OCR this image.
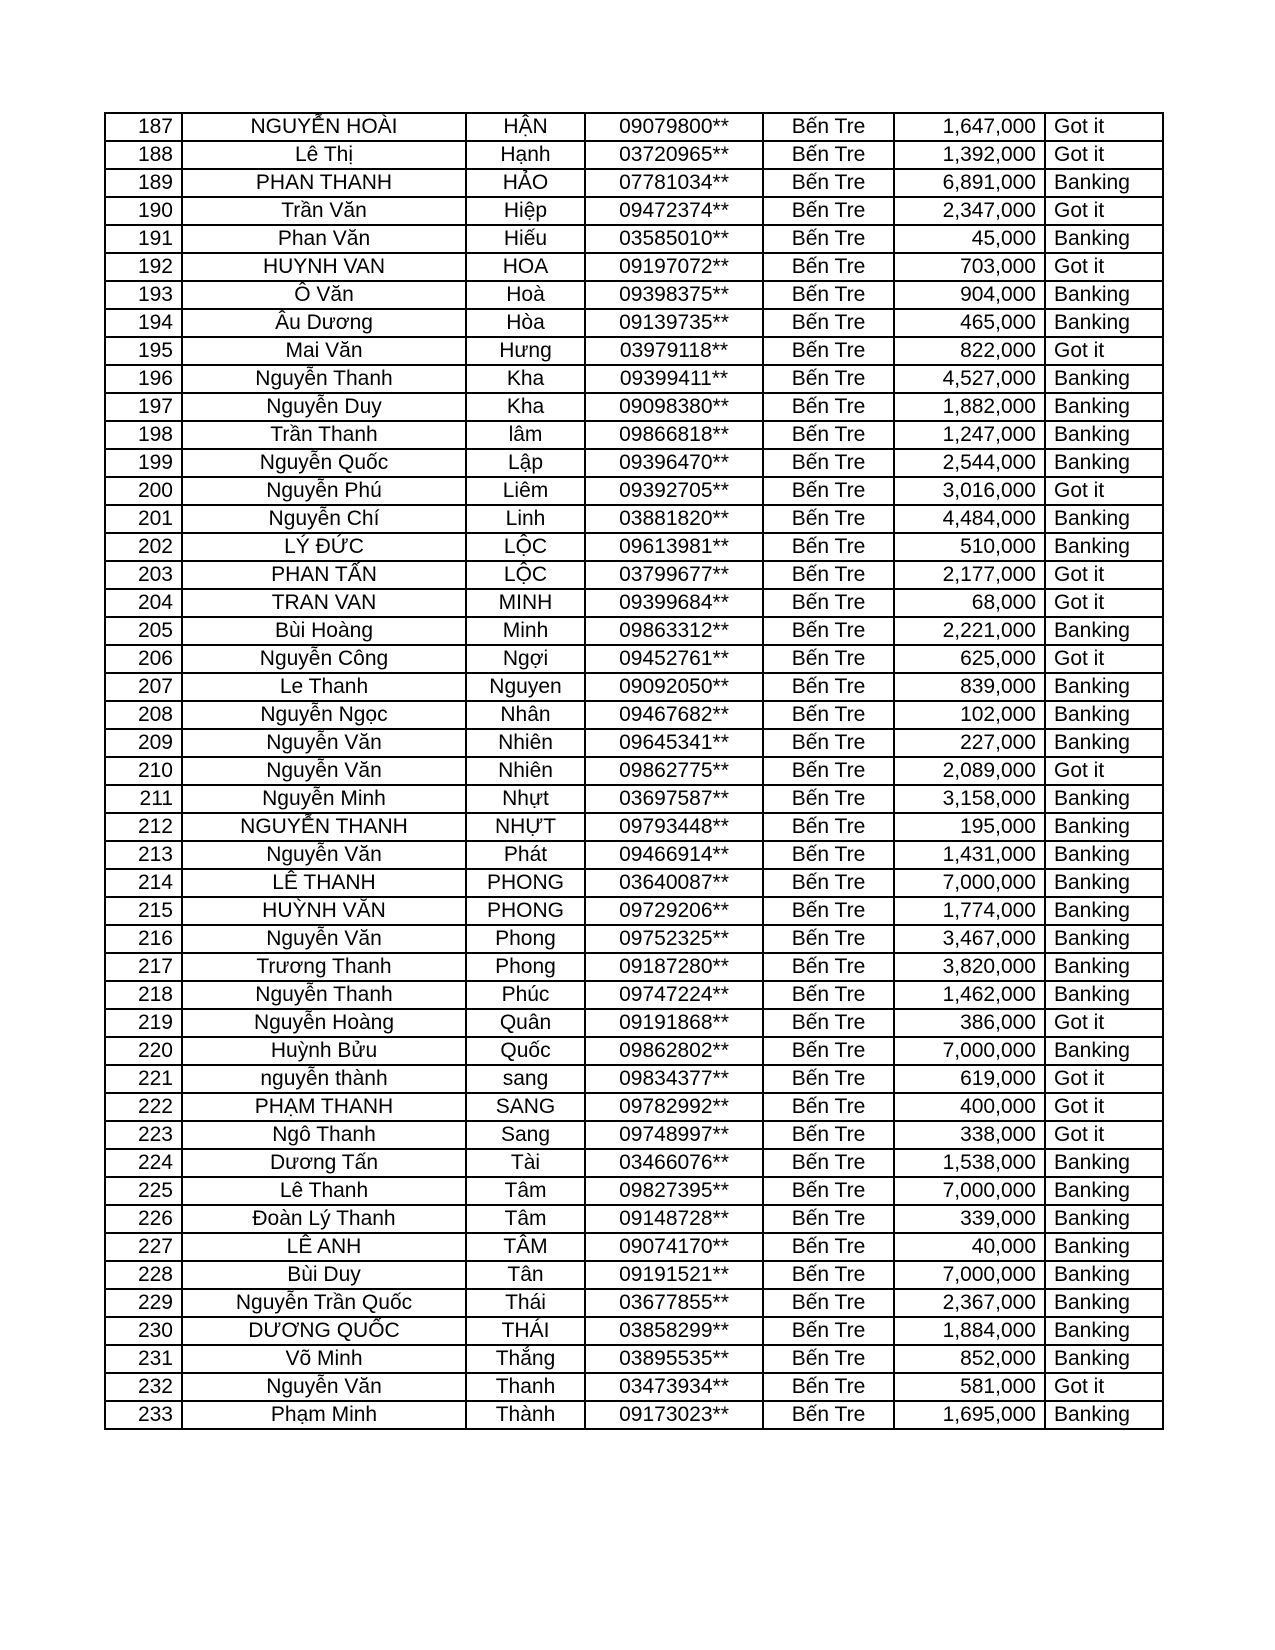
187	NGUYỄN HOÀI	HẬN	09079800**	Bến Tre	1,647,000	Got it
188	Lê Thị	Hạnh	03720965**	Bến Tre	1,392,000	Got it
189	PHAN THANH	HẢO	07781034**	Bến Tre	6,891,000	Banking
190	Trần Văn	Hiệp	09472374**	Bến Tre	2,347,000	Got it
191	Phan Văn	Hiếu	03585010**	Bến Tre	45,000	Banking
192	HUYNH VAN	HOA	09197072**	Bến Tre	703,000	Got it
193	Ô Văn	Hoà	09398375**	Bến Tre	904,000	Banking
194	Âu Dương	Hòa	09139735**	Bến Tre	465,000	Banking
195	Mai Văn	Hưng	03979118**	Bến Tre	822,000	Got it
196	Nguyễn Thanh	Kha	09399411**	Bến Tre	4,527,000	Banking
197	Nguyễn Duy	Kha	09098380**	Bến Tre	1,882,000	Banking
198	Trần Thanh	lâm	09866818**	Bến Tre	1,247,000	Banking
199	Nguyễn Quốc	Lập	09396470**	Bến Tre	2,544,000	Banking
200	Nguyễn Phú	Liêm	09392705**	Bến Tre	3,016,000	Got it
201	Nguyễn Chí	Linh	03881820**	Bến Tre	4,484,000	Banking
202	LÝ ĐỨC	LỘC	09613981**	Bến Tre	510,000	Banking
203	PHAN TẤN	LỘC	03799677**	Bến Tre	2,177,000	Got it
204	TRAN VAN	MINH	09399684**	Bến Tre	68,000	Got it
205	Bùi Hoàng	Minh	09863312**	Bến Tre	2,221,000	Banking
206	Nguyễn Công	Ngợi	09452761**	Bến Tre	625,000	Got it
207	Le Thanh	Nguyen	09092050**	Bến Tre	839,000	Banking
208	Nguyễn Ngọc	Nhân	09467682**	Bến Tre	102,000	Banking
209	Nguyễn Văn	Nhiên	09645341**	Bến Tre	227,000	Banking
210	Nguyễn Văn	Nhiên	09862775**	Bến Tre	2,089,000	Got it
211	Nguyễn Minh	Nhựt	03697587**	Bến Tre	3,158,000	Banking
212	NGUYỄN THANH	NHỰT	09793448**	Bến Tre	195,000	Banking
213	Nguyễn Văn	Phát	09466914**	Bến Tre	1,431,000	Banking
214	LÊ THANH	PHONG	03640087**	Bến Tre	7,000,000	Banking
215	HUỲNH VĂN	PHONG	09729206**	Bến Tre	1,774,000	Banking
216	Nguyễn Văn	Phong	09752325**	Bến Tre	3,467,000	Banking
217	Trương Thanh	Phong	09187280**	Bến Tre	3,820,000	Banking
218	Nguyễn Thanh	Phúc	09747224**	Bến Tre	1,462,000	Banking
219	Nguyễn Hoàng	Quân	09191868**	Bến Tre	386,000	Got it
220	Huỳnh Bửu	Quốc	09862802**	Bến Tre	7,000,000	Banking
221	nguyễn thành	sang	09834377**	Bến Tre	619,000	Got it
222	PHẠM THANH	SANG	09782992**	Bến Tre	400,000	Got it
223	Ngô Thanh	Sang	09748997**	Bến Tre	338,000	Got it
224	Dương Tấn	Tài	03466076**	Bến Tre	1,538,000	Banking
225	Lê Thanh	Tâm	09827395**	Bến Tre	7,000,000	Banking
226	Đoàn Lý Thanh	Tâm	09148728**	Bến Tre	339,000	Banking
227	LÊ ANH	TÂM	09074170**	Bến Tre	40,000	Banking
228	Bùi Duy	Tân	09191521**	Bến Tre	7,000,000	Banking
229	Nguyễn Trần Quốc	Thái	03677855**	Bến Tre	2,367,000	Banking
230	DƯƠNG QUỐC	THÁI	03858299**	Bến Tre	1,884,000	Banking
231	Võ Minh	Thắng	03895535**	Bến Tre	852,000	Banking
232	Nguyễn Văn	Thanh	03473934**	Bến Tre	581,000	Got it
233	Phạm Minh	Thành	09173023**	Bến Tre	1,695,000	Banking
